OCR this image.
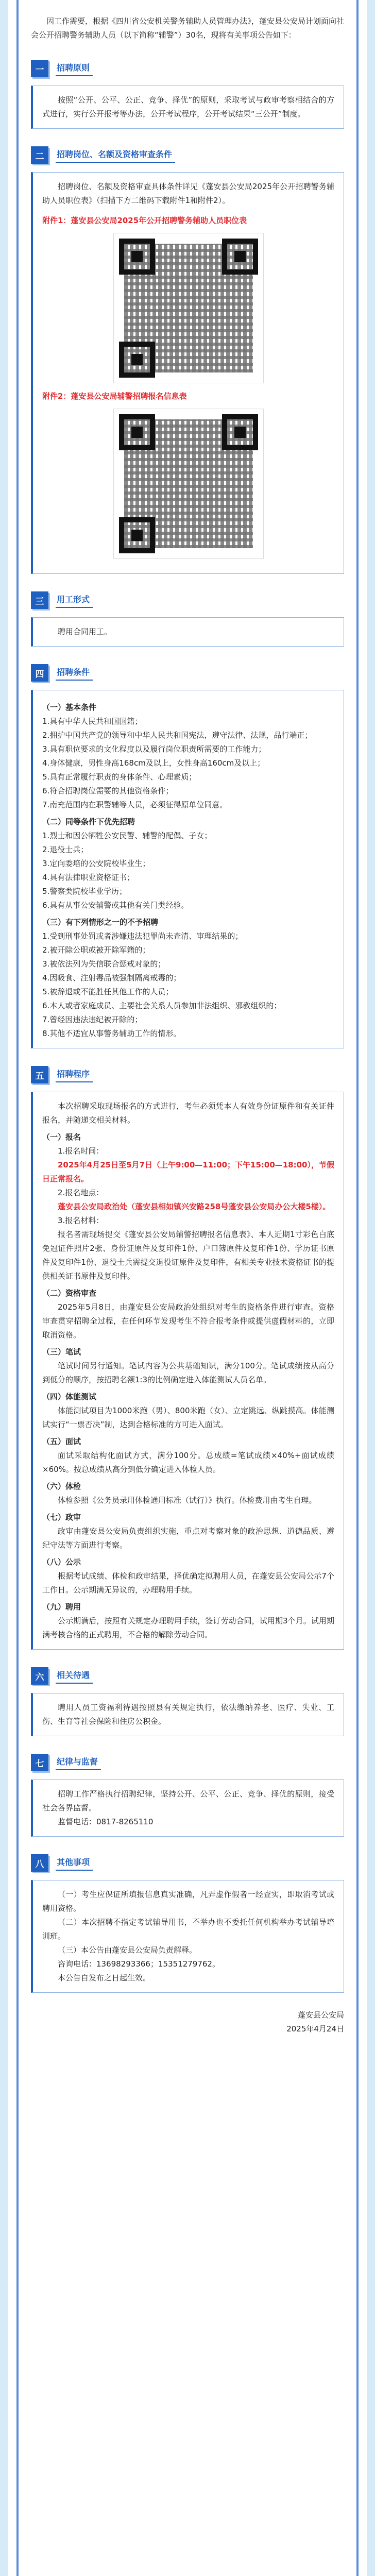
因工作需要，根据《四川省公安机关警务辅助人员管理办法》，蓬安县公安局计划面向社会公开招聘警务辅助人员（以下简称“辅警”）30名，现将有关事项公告如下：

一	招聘原则

按照“公开、公平、公正、竞争、择优”的原则，采取考试与政审考察相结合的方式进行，实行公开报考等办法，公开考试程序，公开考试结果“三公开”制度。

二	招聘岗位、名额及资格审查条件

招聘岗位、名额及资格审查具体条件详见《蓬安县公安局2025年公开招聘警务辅助人员职位表》（扫描下方二维码下载附件1和附件2）。

附件1：蓬安县公安局2025年公开招聘警务辅助人员职位表
附件2：蓬安县公安局辅警招聘报名信息表
三	用工形式

聘用合同用工。

四	招聘条件

（一）基本条件

1.具有中华人民共和国国籍；

2.拥护中国共产党的领导和中华人民共和国宪法，遵守法律、法规，品行端正；

3.具有职位要求的文化程度以及履行岗位职责所需要的工作能力；

4.身体健康，男性身高168cm及以上，女性身高160cm及以上；

5.具有正常履行职责的身体条件、心理素质；

6.符合招聘岗位需要的其他资格条件；

7.南充范围内在职警辅等人员，必须征得原单位同意。

（二）同等条件下优先招聘

1.烈士和因公牺牲公安民警、辅警的配偶、子女；

2.退役士兵；

3.定向委培的公安院校毕业生；

4.具有法律职业资格证书；

5.警察类院校毕业学历；

6.具有从事公安辅警或其他有关门类经验。

（三）有下列情形之一的不予招聘

1.受到刑事处罚或者涉嫌违法犯罪尚未查清、审理结果的；

2.被开除公职或被开除军籍的；

3.被依法列为失信联合惩戒对象的；

4.因吸食、注射毒品被强制隔离戒毒的；

5.被辞退或不能胜任其他工作的人员；

6.本人或者家庭成员、主要社会关系人员参加非法组织、邪教组织的；

7.曾经因违法违纪被开除的；

8.其他不适宜从事警务辅助工作的情形。

五	招聘程序

本次招聘采取现场报名的方式进行，考生必须凭本人有效身份证原件和有关证件报名，并随递交相关材料。

（一）报名

1.报名时间：

2025年4月25日至5月7日（上午9:00—11:00；下午15:00—18:00），节假日正常报名。

2.报名地点：

蓬安县公安局政治处（蓬安县相如镇兴安路258号蓬安县公安局办公大楼5楼）。

3.报名材料：

报名者需现场提交《蓬安县公安局辅警招聘报名信息表》、本人近期1寸彩色白底免冠证件照片2张、身份证原件及复印件1份、户口簿原件及复印件1份、学历证书原件及复印件1份、退役士兵需提交退役证原件及复印件，有相关专业技术资格证书的提供相关证书原件及复印件。

（二）资格审查

2025年5月8日，由蓬安县公安局政治处组织对考生的资格条件进行审查。资格审查贯穿招聘全过程，在任何环节发现考生不符合报考条件或提供虚假材料的，立即取消资格。

（三）笔试

笔试时间另行通知。笔试内容为公共基础知识，满分100分。笔试成绩按从高分到低分的顺序，按招聘名额1:3的比例确定进入体能测试人员名单。

（四）体能测试

体能测试项目为1000米跑（男）、800米跑（女）、立定跳远、纵跳摸高。体能测试实行“一票否决”制，达到合格标准的方可进入面试。

（五）面试

面试采取结构化面试方式，满分100分。总成绩=笔试成绩×40%+面试成绩×60%。按总成绩从高分到低分确定进入体检人员。

（六）体检

体检参照《公务员录用体检通用标准（试行）》执行。体检费用由考生自理。

（七）政审

政审由蓬安县公安局负责组织实施，重点对考察对象的政治思想、道德品质、遵纪守法等方面进行考察。

（八）公示

根据考试成绩、体检和政审结果，择优确定拟聘用人员，在蓬安县公安局公示7个工作日。公示期满无异议的，办理聘用手续。

（九）聘用

公示期满后，按照有关规定办理聘用手续，签订劳动合同，试用期3个月。试用期满考核合格的正式聘用，不合格的解除劳动合同。

六	相关待遇

聘用人员工资福利待遇按照县有关规定执行，依法缴纳养老、医疗、失业、工伤、生育等社会保险和住房公积金。

七	纪律与监督

招聘工作严格执行招聘纪律，坚持公开、公平、公正、竞争、择优的原则，接受社会各界监督。

监督电话：0817-8265110

八	其他事项

（一）考生应保证所填报信息真实准确，凡弄虚作假者一经查实，即取消考试或聘用资格。

（二）本次招聘不指定考试辅导用书，不举办也不委托任何机构举办考试辅导培训班。

（三）本公告由蓬安县公安局负责解释。

咨询电话：13698293366；15351279762。

本公告自发布之日起生效。

蓬安县公安局
2025年4月24日
